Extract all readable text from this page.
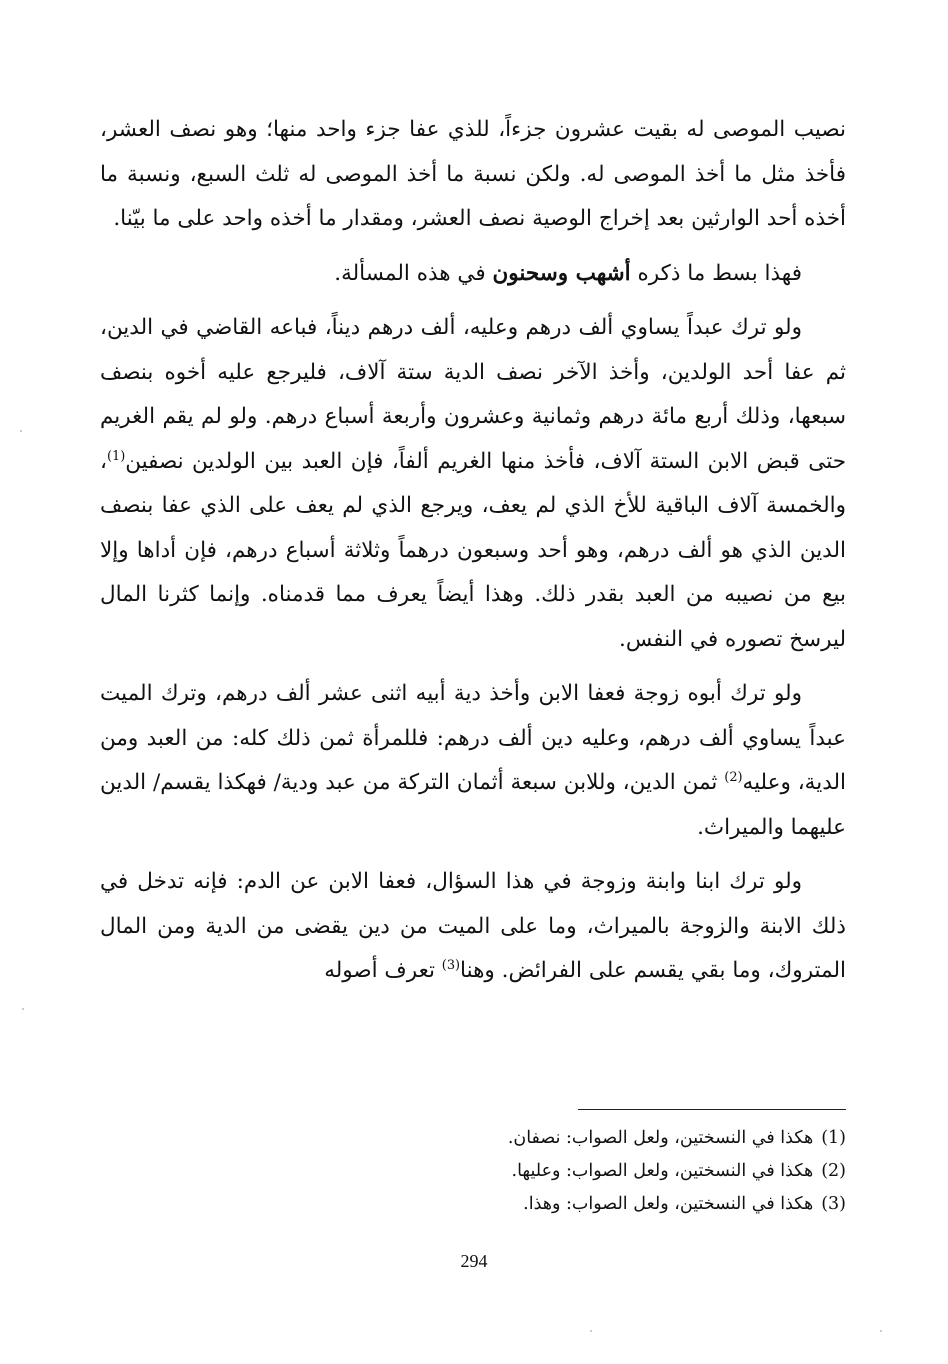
نصيب الموصى له بقيت عشرون جزءاً، للذي عفا جزء واحد منها؛ وهو نصف العشر، فأخذ مثل ما أخذ الموصى له. ولكن نسبة ما أخذ الموصى له ثلث السبع، ونسبة ما أخذه أحد الوارثين بعد إخراج الوصية نصف العشر، ومقدار ما أخذه واحد على ما بيّنا.

فهذا بسط ما ذكره أشهب وسحنون في هذه المسألة.

ولو ترك عبداً يساوي ألف درهم وعليه، ألف درهم ديناً، فباعه القاضي في الدين، ثم عفا أحد الولدين، وأخذ الآخر نصف الدية ستة آلاف، فليرجع عليه أخوه بنصف سبعها، وذلك أربع مائة درهم وثمانية وعشرون وأربعة أسباع درهم. ولو لم يقم الغريم حتى قبض الابن الستة آلاف، فأخذ منها الغريم ألفاً، فإن العبد بين الولدين نصفين$^{(1)}$، والخمسة آلاف الباقية للأخ الذي لم يعف، ويرجع الذي لم يعف على الذي عفا بنصف الدين الذي هو ألف درهم، وهو أحد وسبعون درهماً وثلاثة أسباع درهم، فإن أداها وإلا بيع من نصيبه من العبد بقدر ذلك. وهذا أيضاً يعرف مما قدمناه. وإنما كثرنا المال ليرسخ تصوره في النفس.

ولو ترك أبوه زوجة فعفا الابن وأخذ دية أبيه اثنى عشر ألف درهم، وترك الميت عبداً يساوي ألف درهم، وعليه دين ألف درهم: فللمرأة ثمن ذلك كله: من العبد ومن الدية، وعليه$^{(2)}$ ثمن الدين، وللابن سبعة أثمان التركة من عبد ودية/ فهكذا يقسم/ الدين عليهما والميراث.

ولو ترك ابنا وابنة وزوجة في هذا السؤال، فعفا الابن عن الدم: فإنه تدخل في ذلك الابنة والزوجة بالميراث، وما على الميت من دين يقضى من الدية ومن المال المتروك، وما بقي يقسم على الفرائض. وهنا$^{(3)}$ تعرف أصوله

(1)هكذا في النسختين، ولعل الصواب: نصفان.
(2)هكذا في النسختين، ولعل الصواب: وعليها.
(3)هكذا في النسختين، ولعل الصواب: وهذا.
294
